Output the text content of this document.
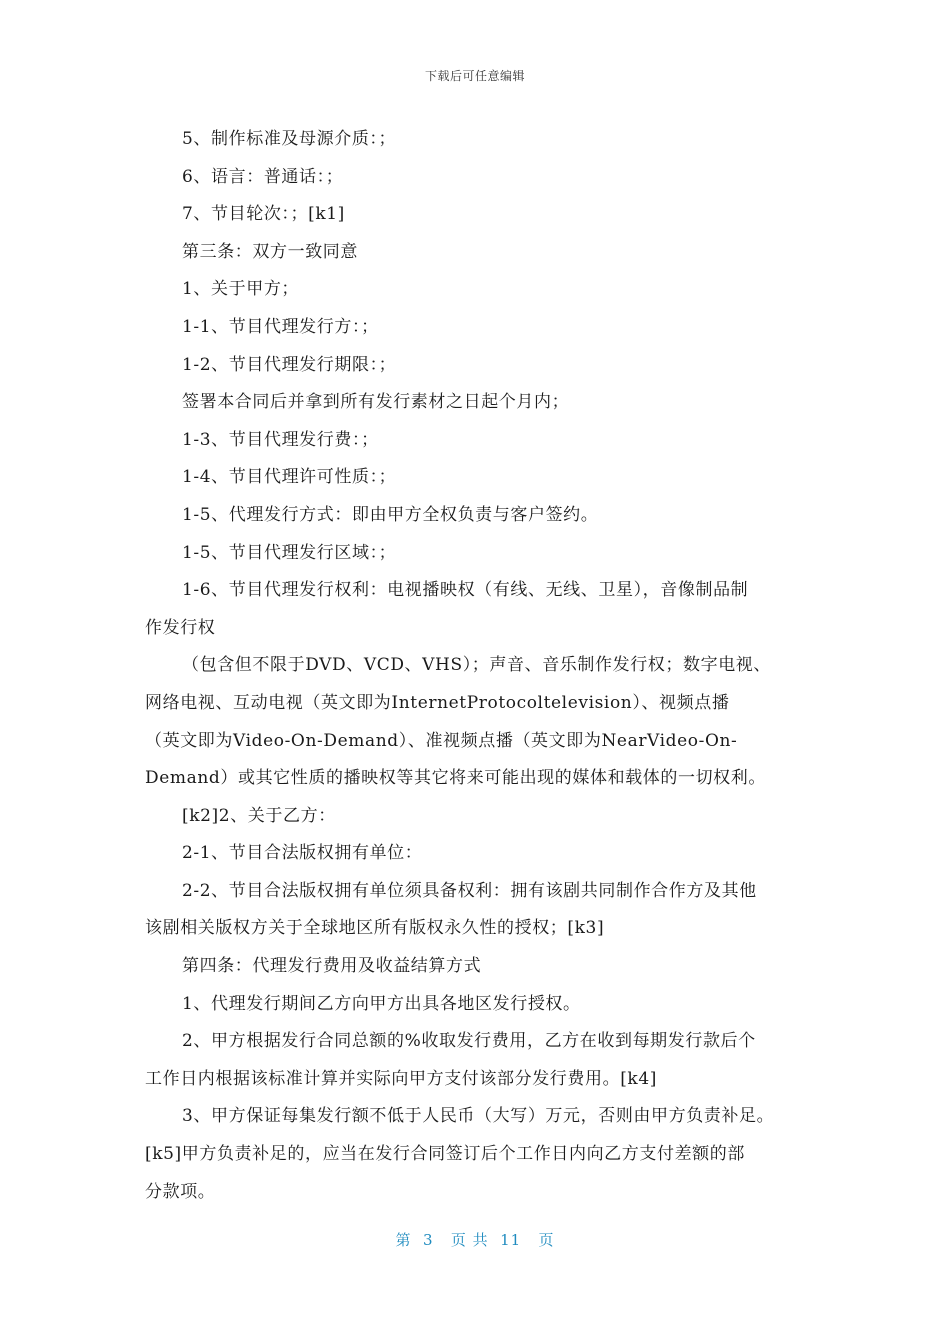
下载后可任意编辑
5、制作标准及母源介质：；
6、语言：普通话：；
7、节目轮次：；[k1]
第三条：双方一致同意
1、关于甲方；
1-1、节目代理发行方：；
1-2、节目代理发行期限：；
签署本合同后并拿到所有发行素材之日起个月内；
1-3、节目代理发行费：；
1-4、节目代理许可性质：；
1-5、代理发行方式：即由甲方全权负责与客户签约。
1-5、节目代理发行区域：；
1-6、节目代理发行权利：电视播映权（有线、无线、卫星），音像制品制
作发行权
（包含但不限于DVD、VCD、VHS）；声音、音乐制作发行权；数字电视、
网络电视、互动电视（英文即为InternetProtocoltelevision）、视频点播
（英文即为Video-On-Demand）、准视频点播（英文即为NearVideo-On-
Demand）或其它性质的播映权等其它将来可能出现的媒体和载体的一切权利。
[k2]2、关于乙方：
2-1、节目合法版权拥有单位：
2-2、节目合法版权拥有单位须具备权利：拥有该剧共同制作合作方及其他
该剧相关版权方关于全球地区所有版权永久性的授权；[k3]
第四条：代理发行费用及收益结算方式
1、代理发行期间乙方向甲方出具各地区发行授权。
2、甲方根据发行合同总额的%收取发行费用，乙方在收到每期发行款后个
工作日内根据该标准计算并实际向甲方支付该部分发行费用。[k4]
3、甲方保证每集发行额不低于人民币（大写）万元，否则由甲方负责补足。
[k5]甲方负责补足的，应当在发行合同签订后个工作日内向乙方支付差额的部
分款项。
第  3   页 共  11   页
